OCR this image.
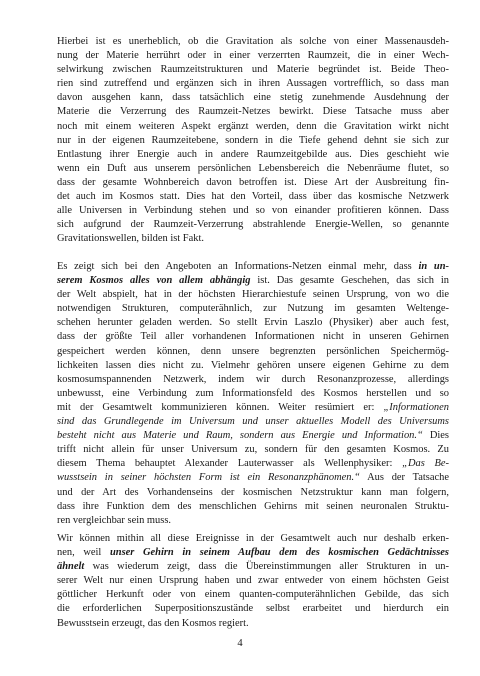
Hierbei ist es unerheblich, ob die Gravitation als solche von einer Massenausdeh-
nung der Materie herrührt oder in einer verzerrten Raumzeit, die in einer Wech-
selwirkung zwischen Raumzeitstrukturen und Materie begründet ist. Beide Theo-
rien sind zutreffend und ergänzen sich in ihren Aussagen vortrefflich, so dass man
davon ausgehen kann, dass tatsächlich eine stetig zunehmende Ausdehnung der
Materie die Verzerrung des Raumzeit-Netzes bewirkt. Diese Tatsache muss aber
noch mit einem weiteren Aspekt ergänzt werden, denn die Gravitation wirkt nicht
nur in der eigenen Raumzeitebene, sondern in die Tiefe gehend dehnt sie sich zur
Entlastung ihrer Energie auch in andere Raumzeitgebilde aus. Dies geschieht wie
wenn ein Duft aus unserem persönlichen Lebensbereich die Nebenräume flutet, so
dass der gesamte Wohnbereich davon betroffen ist. Diese Art der Ausbreitung fin-
det auch im Kosmos statt. Dies hat den Vorteil, dass über das kosmische Netzwerk
alle Universen in Verbindung stehen und so von einander profitieren können. Dass
sich aufgrund der Raumzeit-Verzerrung abstrahlende Energie-Wellen, so genannte
Gravitationswellen, bilden ist Fakt.
Es zeigt sich bei den Angeboten an Informations-Netzen einmal mehr, dass in un-
serem Kosmos alles von allem abhängig ist. Das gesamte Geschehen, das sich in
der Welt abspielt, hat in der höchsten Hierarchiestufe seinen Ursprung, von wo die
notwendigen Strukturen, computerähnlich, zur Nutzung im gesamten Weltenge-
schehen herunter geladen werden. So stellt Ervin Laszlo (Physiker) aber auch fest,
dass der größte Teil aller vorhandenen Informationen nicht in unseren Gehirnen
gespeichert werden können, denn unsere begrenzten persönlichen Speichermög-
lichkeiten lassen dies nicht zu. Vielmehr gehören unsere eigenen Gehirne zu dem
kosmosumspannenden Netzwerk, indem wir durch Resonanzprozesse, allerdings
unbewusst, eine Verbindung zum Informationsfeld des Kosmos herstellen und so
mit der Gesamtwelt kommunizieren können. Weiter resümiert er: „Informationen
sind das Grundlegende im Universum und unser aktuelles Modell des Universums
besteht nicht aus Materie und Raum, sondern aus Energie und Information.“ Dies
trifft nicht allein für unser Universum zu, sondern für den gesamten Kosmos. Zu
diesem Thema behauptet Alexander Lauterwasser als Wellenphysiker: „Das Be-
wusstsein in seiner höchsten Form ist ein Resonanzphänomen.“ Aus der Tatsache
und der Art des Vorhandenseins der kosmischen Netzstruktur kann man folgern,
dass ihre Funktion dem des menschlichen Gehirns mit seinen neuronalen Struktu-
ren vergleichbar sein muss.
Wir können mithin all diese Ereignisse in der Gesamtwelt auch nur deshalb erken-
nen, weil unser Gehirn in seinem Aufbau dem des kosmischen Gedächtnisses
ähnelt was wiederum zeigt, dass die Übereinstimmungen aller Strukturen in un-
serer Welt nur einen Ursprung haben und zwar entweder von einem höchsten Geist
göttlicher Herkunft oder von einem quanten-computerähnlichen Gebilde, das sich
die erforderlichen Superpositionszustände selbst erarbeitet und hierdurch ein
Bewusstsein erzeugt, das den Kosmos regiert.
4
